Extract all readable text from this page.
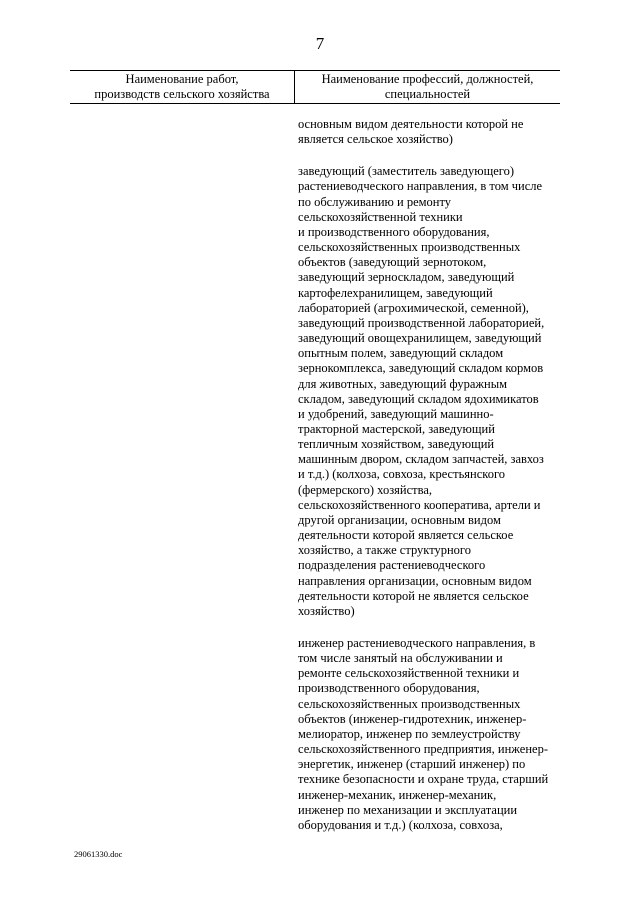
7
Наименование работ,
производств сельского хозяйства
Наименование профессий, должностей,
специальностей

основным видом деятельности которой не
является сельское хозяйство)

заведующий (заместитель заведующего)
растениеводческого направления, в том числе
по обслуживанию и ремонту
сельскохозяйственной техники
и производственного оборудования,
сельскохозяйственных производственных
объектов (заведующий зернотоком,
заведующий зерноскладом, заведующий
картофелехранилищем, заведующий
лабораторией (агрохимической, семенной),
заведующий производственной лабораторией,
заведующий овощехранилищем, заведующий
опытным полем, заведующий складом
зернокомплекса, заведующий складом кормов
для животных, заведующий фуражным
складом, заведующий складом ядохимикатов
и удобрений, заведующий машинно-
тракторной мастерской, заведующий
тепличным хозяйством, заведующий
машинным двором, складом запчастей, завхоз
и т.д.) (колхоза, совхоза, крестьянского
(фермерского) хозяйства,
сельскохозяйственного кооператива, артели и
другой организации, основным видом
деятельности которой является сельское
хозяйство, а также структурного
подразделения растениеводческого
направления организации, основным видом
деятельности которой не является сельское
хозяйство)

инженер растениеводческого направления, в
том числе занятый на обслуживании и
ремонте сельскохозяйственной техники и
производственного оборудования,
сельскохозяйственных производственных
объектов (инженер-гидротехник, инженер-
мелиоратор, инженер по землеустройству
сельскохозяйственного предприятия, инженер-
энергетик, инженер (старший инженер) по
технике безопасности и охране труда, старший
инженер-механик, инженер-механик,
инженер по механизации и эксплуатации
оборудования и т.д.) (колхоза, совхоза,

29061330.doc
